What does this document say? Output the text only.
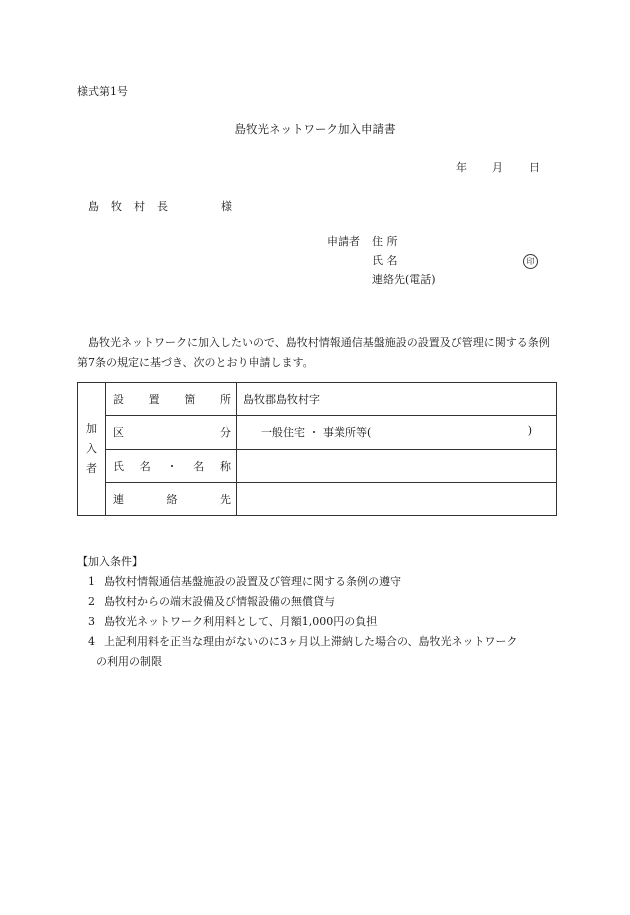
様式第1号
島牧光ネットワーク加入申請書
年 月 日
島牧村長	様
申請者 住 所
氏 名	印
連絡先(電話)

島牧光ネットワークに加入したいので、島牧村情報通信基盤施設の設置及び管理に関する条例第7条の規定に基づき、次のとおり申請します。

加
入
者	設 置 箇 所	島牧郡島牧村字

	区 分	一般住宅 ・ 事業所等( )

	氏 名 ・ 名 称	

	連 絡 先	

【加入条件】
1 島牧村情報通信基盤施設の設置及び管理に関する条例の遵守
2 島牧村からの端末設備及び情報設備の無償貸与
3 島牧光ネットワーク利用料として、月額1,000円の負担
4 上記利用料を正当な理由がないのに3ヶ月以上滞納した場合の、島牧光ネットワーク
の利用の制限
